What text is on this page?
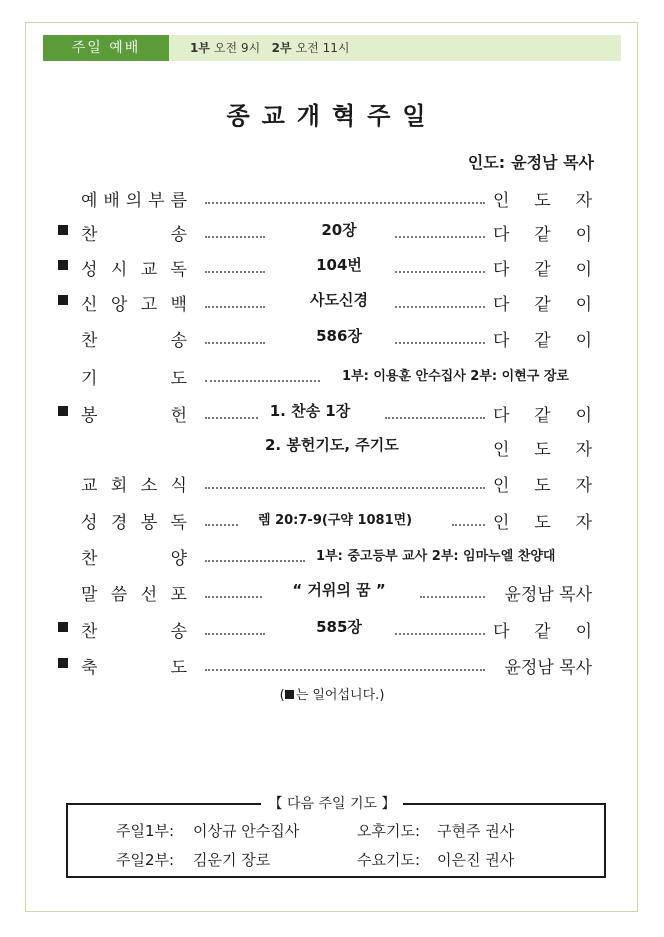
주일 예배	1부 오전 9시 2부 오전 11시
종교개혁주일
인도: 윤정남 목사
예 배 의 부 름	인 도 자
찬	송	20장	다 같 이
성 시 교 독	104번	다 같 이
신 앙 고 백	사도신경	다 같 이
찬	송	586장	다 같 이
기	도	1부: 이용훈 안수집사 2부: 이현구 장로
봉	헌	1. 찬송 1장	다 같 이
2. 봉헌기도, 주기도	인 도 자
교 회 소 식	인 도 자
성 경 봉 독	렘 20:7-9(구약 1081면)	인 도 자
찬	양	1부: 중고등부 교사 2부: 임마누엘 찬양대
말 씀 선 포	“ 거위의 꿈 ”	윤정남 목사
찬	송	585장	다 같 이
축	도	윤정남 목사
( 는 일어섭니다.)
【 다음 주일 기도 】
주일1부: 이상규 안수집사	오후기도: 구현주 권사
주일2부: 김운기 장로	수요기도: 이은진 권사
